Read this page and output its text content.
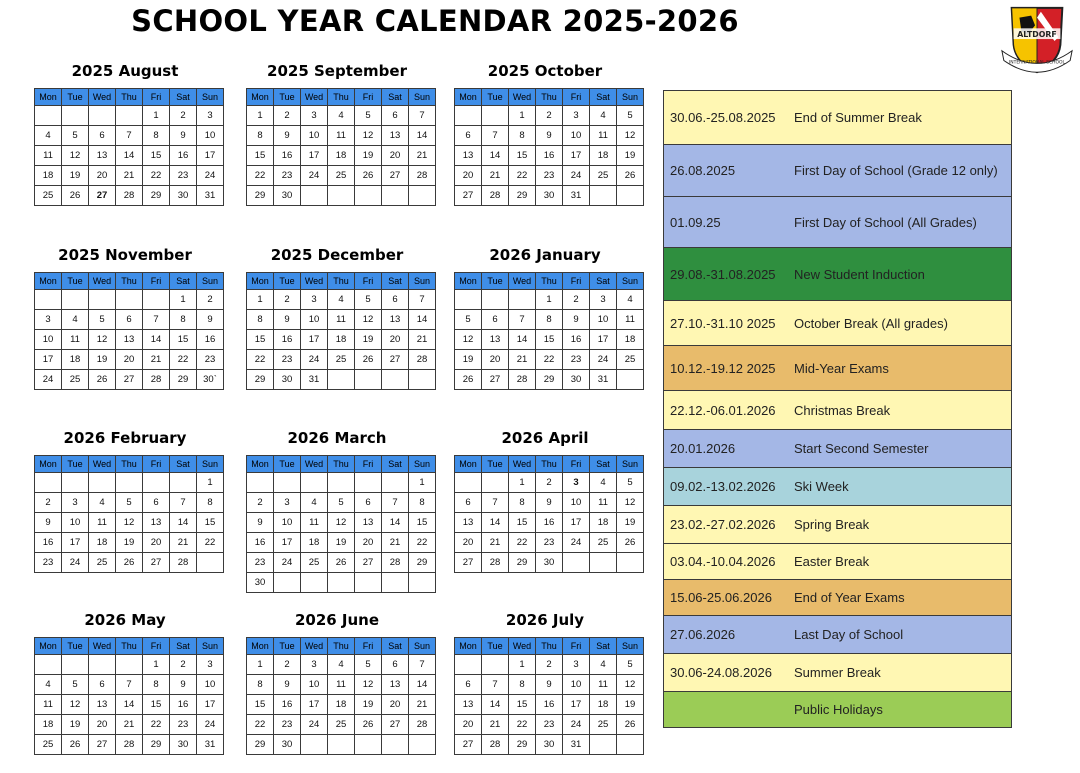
SCHOOL YEAR CALENDAR 2025-2026	ALTDORF
INTERNATIONAL SCHOOL
2025 August
Mon	Tue	Wed	Thu	Fri	Sat	Sun
				1	2	3
4	5	6	7	8	9	10
11	12	13	14	15	16	17
18	19	20	21	22	23	24
25	26	27	28	29	30	31
2025 September
Mon	Tue	Wed	Thu	Fri	Sat	Sun
1	2	3	4	5	6	7
8	9	10	11	12	13	14
15	16	17	18	19	20	21
22	23	24	25	26	27	28
29	30					
2025 October
Mon	Tue	Wed	Thu	Fri	Sat	Sun
		1	2	3	4	5
6	7	8	9	10	11	12
13	14	15	16	17	18	19
20	21	22	23	24	25	26
27	28	29	30	31		
2025 November
Mon	Tue	Wed	Thu	Fri	Sat	Sun
					1	2
3	4	5	6	7	8	9
10	11	12	13	14	15	16
17	18	19	20	21	22	23
24	25	26	27	28	29	30`
2025 December
Mon	Tue	Wed	Thu	Fri	Sat	Sun
1	2	3	4	5	6	7
8	9	10	11	12	13	14
15	16	17	18	19	20	21
22	23	24	25	26	27	28
29	30	31				
2026 January
Mon	Tue	Wed	Thu	Fri	Sat	Sun
			1	2	3	4
5	6	7	8	9	10	11
12	13	14	15	16	17	18
19	20	21	22	23	24	25
26	27	28	29	30	31	
2026 February
Mon	Tue	Wed	Thu	Fri	Sat	Sun
						1
2	3	4	5	6	7	8
9	10	11	12	13	14	15
16	17	18	19	20	21	22
23	24	25	26	27	28	
2026 March
Mon	Tue	Wed	Thu	Fri	Sat	Sun
						1
2	3	4	5	6	7	8
9	10	11	12	13	14	15
16	17	18	19	20	21	22
23	24	25	26	27	28	29
30						
2026 April
Mon	Tue	Wed	Thu	Fri	Sat	Sun
		1	2	3	4	5
6	7	8	9	10	11	12
13	14	15	16	17	18	19
20	21	22	23	24	25	26
27	28	29	30			
2026 May
Mon	Tue	Wed	Thu	Fri	Sat	Sun
				1	2	3
4	5	6	7	8	9	10
11	12	13	14	15	16	17
18	19	20	21	22	23	24
25	26	27	28	29	30	31
2026 June
Mon	Tue	Wed	Thu	Fri	Sat	Sun
1	2	3	4	5	6	7
8	9	10	11	12	13	14
15	16	17	18	19	20	21
22	23	24	25	26	27	28
29	30					
2026 July
Mon	Tue	Wed	Thu	Fri	Sat	Sun
		1	2	3	4	5
6	7	8	9	10	11	12
13	14	15	16	17	18	19
20	21	22	23	24	25	26
27	28	29	30	31		
30.06.-25.08.2025	End of Summer Break
26.08.2025	First Day of School (Grade 12 only)
01.09.25	First Day of School (All Grades)
29.08.-31.08.2025	New Student Induction
27.10.-31.10 2025	October Break (All grades)
10.12.-19.12 2025	Mid-Year Exams
22.12.-06.01.2026	Christmas Break
20.01.2026	Start Second Semester
09.02.-13.02.2026	Ski Week
23.02.-27.02.2026	Spring Break
03.04.-10.04.2026	Easter Break
15.06-25.06.2026	End of Year Exams
27.06.2026	Last Day of School
30.06-24.08.2026	Summer Break
	Public Holidays
